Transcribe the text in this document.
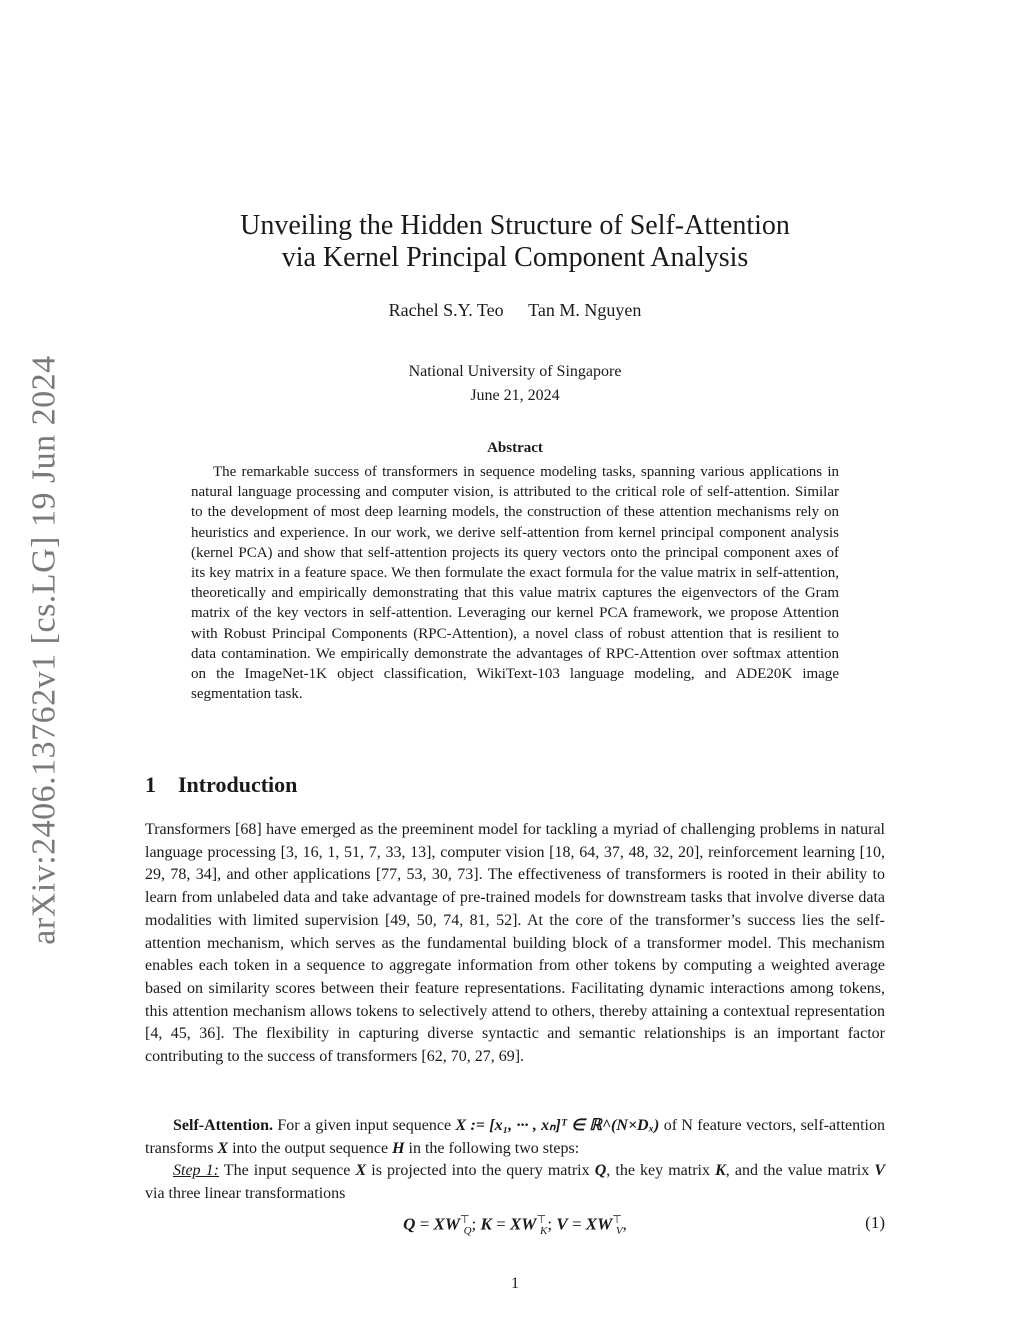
arXiv:2406.13762v1 [cs.LG] 19 Jun 2024
Unveiling the Hidden Structure of Self-Attention
via Kernel Principal Component Analysis
Rachel S.Y. Teo Tan M. Nguyen
National University of Singapore
June 21, 2024
Abstract

The remarkable success of transformers in sequence modeling tasks, spanning various applications in natural language processing and computer vision, is attributed to the critical role of self-attention. Similar to the development of most deep learning models, the construction of these attention mechanisms rely on heuristics and experience. In our work, we derive self-attention from kernel principal component analysis (kernel PCA) and show that self-attention projects its query vectors onto the principal component axes of its key matrix in a feature space. We then formulate the exact formula for the value matrix in self-attention, theoretically and empirically demonstrating that this value matrix captures the eigenvectors of the Gram matrix of the key vectors in self-attention. Leveraging our kernel PCA framework, we propose Attention with Robust Principal Components (RPC-Attention), a novel class of robust attention that is resilient to data contamination. We empirically demonstrate the advantages of RPC-Attention over softmax attention on the ImageNet-1K object classification, WikiText-103 language modeling, and ADE20K image segmentation task.

1 Introduction

Transformers [68] have emerged as the preeminent model for tackling a myriad of challenging problems in natural language processing [3, 16, 1, 51, 7, 33, 13], computer vision [18, 64, 37, 48, 32, 20], reinforcement learning [10, 29, 78, 34], and other applications [77, 53, 30, 73]. The effectiveness of transformers is rooted in their ability to learn from unlabeled data and take advantage of pre-trained models for downstream tasks that involve diverse data modalities with limited supervision [49, 50, 74, 81, 52]. At the core of the transformer’s success lies the self-attention mechanism, which serves as the fundamental building block of a transformer model. This mechanism enables each token in a sequence to aggregate information from other tokens by computing a weighted average based on similarity scores between their feature representations. Facilitating dynamic interactions among tokens, this attention mechanism allows tokens to selectively attend to others, thereby attaining a contextual representation [4, 45, 36]. The flexibility in capturing diverse syntactic and semantic relationships is an important factor contributing to the success of transformers [62, 70, 27, 69].

Self-Attention. For a given input sequence X := [x₁, ··· , xₙ]ᵀ ∈ ℝ^(N×Dₓ) of N feature vectors, self-attention transforms X into the output sequence H in the following two steps:

Step 1: The input sequence X is projected into the query matrix Q, the key matrix K, and the value matrix V via three linear transformations

$Q = XW^⊤_Q$; $K = XW^⊤_K$; $V = XW^⊤_V$,	(1)
1
